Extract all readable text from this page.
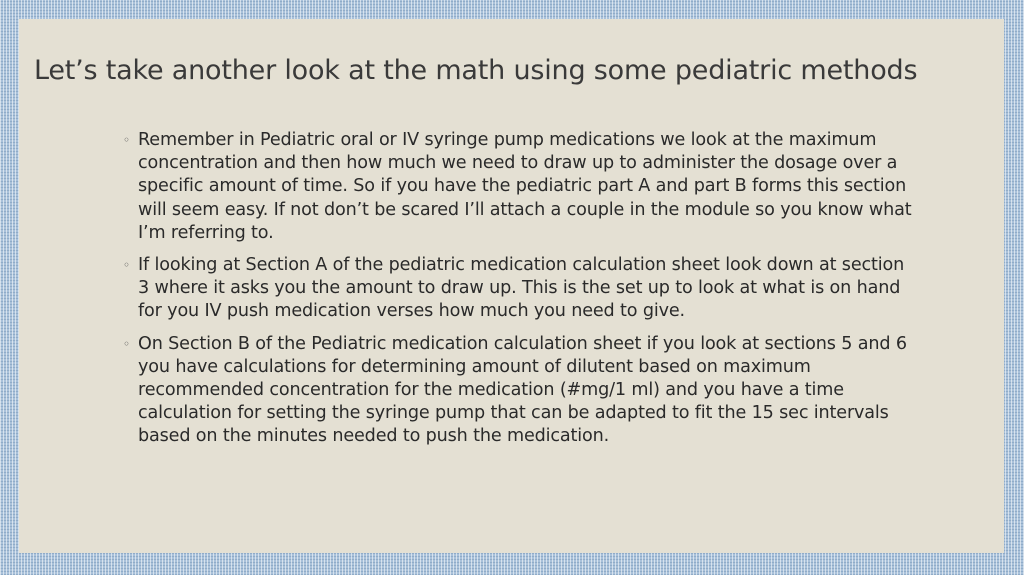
Let’s take another look at the math using some pediatric methods
◦ Remember in Pediatric oral or IV syringe pump medications we look at the maximum concentration and then how much we need to draw up to administer the dosage over a specific amount of time. So if you have the pediatric part A and part B forms this section will seem easy. If not don’t be scared I’ll attach a couple in the module so you know what I’m referring to.
◦ If looking at Section A of the pediatric medication calculation sheet look down at section 3 where it asks you the amount to draw up. This is the set up to look at what is on hand for you IV push medication verses how much you need to give.
◦ On Section B of the Pediatric medication calculation sheet if you look at sections 5 and 6 you have calculations for determining amount of dilutent based on maximum recommended concentration for the medication (#mg/1 ml) and you have a time calculation for setting the syringe pump that can be adapted to fit the 15 sec intervals based on the minutes needed to push the medication.
